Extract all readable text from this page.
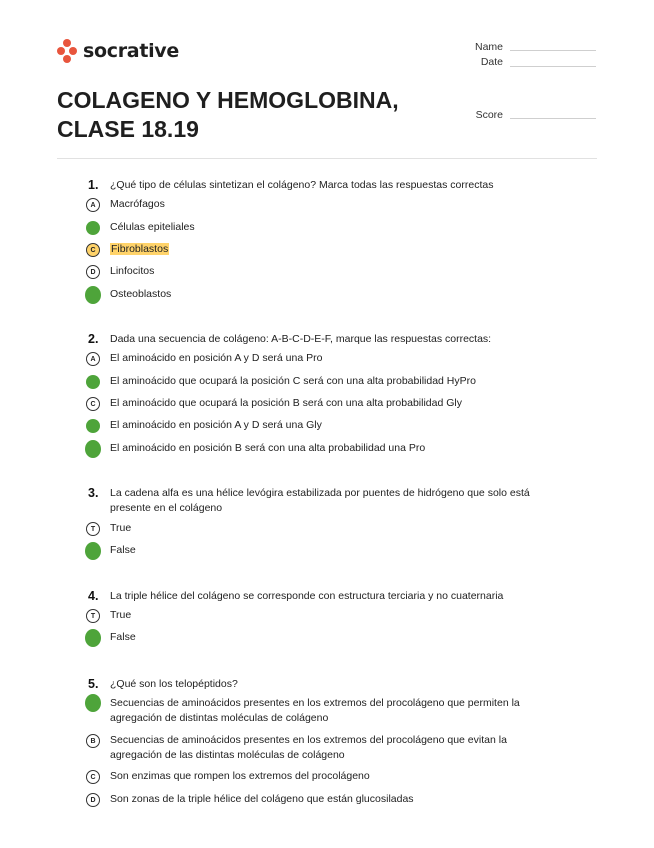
socrative	Name
Date
Score
COLAGENO Y HEMOGLOBINA,
CLASE 18.19
1. ¿Qué tipo de células sintetizan el colágeno? Marca todas las respuestas correctas
A	Macrófagos
Células epiteliales
C	Fibroblastos
D	Linfocitos
Osteoblastos
2. Dada una secuencia de colágeno: A-B-C-D-E-F, marque las respuestas correctas:
A	El aminoácido en posición A y D será una Pro
El aminoácido que ocupará la posición C será con una alta probabilidad HyPro
C	El aminoácido que ocupará la posición B será con una alta probabilidad Gly
El aminoácido en posición A y D será una Gly
El aminoácido en posición B será con una alta probabilidad una Pro
3. La cadena alfa es una hélice levógira estabilizada por puentes de hidrógeno que solo está
presente en el colágeno
T	True
False
4. La triple hélice del colágeno se corresponde con estructura terciaria y no cuaternaria
T	True
False
5. ¿Qué son los telopéptidos?
Secuencias de aminoácidos presentes en los extremos del procolágeno que permiten la
agregación de distintas moléculas de colágeno
B	Secuencias de aminoácidos presentes en los extremos del procolágeno que evitan la
agregación de las distintas moléculas de colágeno
C	Son enzimas que rompen los extremos del procolágeno
D	Son zonas de la triple hélice del colágeno que están glucosiladas
